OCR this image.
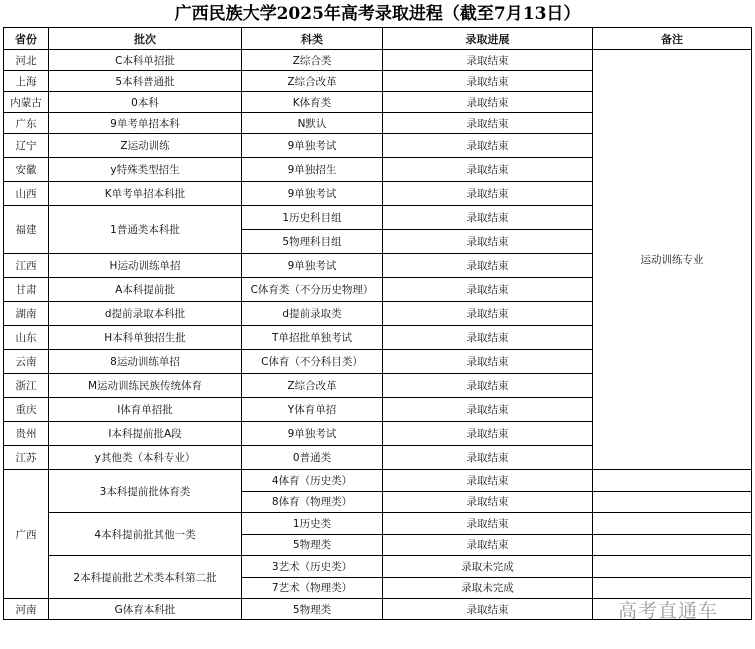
广西民族大学2025年高考录取进程（截至7月13日）
省份	批次	科类	录取进展	备注
河北	C本科单招批	Z综合类	录取结束	运动训练专业
上海	5本科普通批	Z综合改革	录取结束	
内蒙古	0本科	K体育类	录取结束	
广东	9单考单招本科	N默认	录取结束	
辽宁	Z运动训练	9单独考试	录取结束	
安徽	y特殊类型招生	9单独招生	录取结束	
山西	K单考单招本科批	9单独考试	录取结束	
福建	1普通类本科批	1历史科目组	录取结束	
		5物理科目组	录取结束	
江西	H运动训练单招	9单独考试	录取结束	
甘肃	A本科提前批	C体育类（不分历史物理）	录取结束	
湖南	d提前录取本科批	d提前录取类	录取结束	
山东	H本科单独招生批	T单招批单独考试	录取结束	
云南	8运动训练单招	C体育（不分科目类）	录取结束	
浙江	M运动训练民族传统体育	Z综合改革	录取结束	
重庆	I体育单招批	Y体育单招	录取结束	
贵州	I本科提前批A段	9单独考试	录取结束	
江苏	y其他类（本科专业）	0普通类	录取结束	
广西	3本科提前批体育类	4体育（历史类）	录取结束	
		8体育（物理类）	录取结束	
	4本科提前批其他一类	1历史类	录取结束	
		5物理类	录取结束	
	2本科提前批艺术类本科第二批	3艺术（历史类）	录取未完成	
		7艺术（物理类）	录取未完成	
河南	G体育本科批	5物理类	录取结束		高考直通车
